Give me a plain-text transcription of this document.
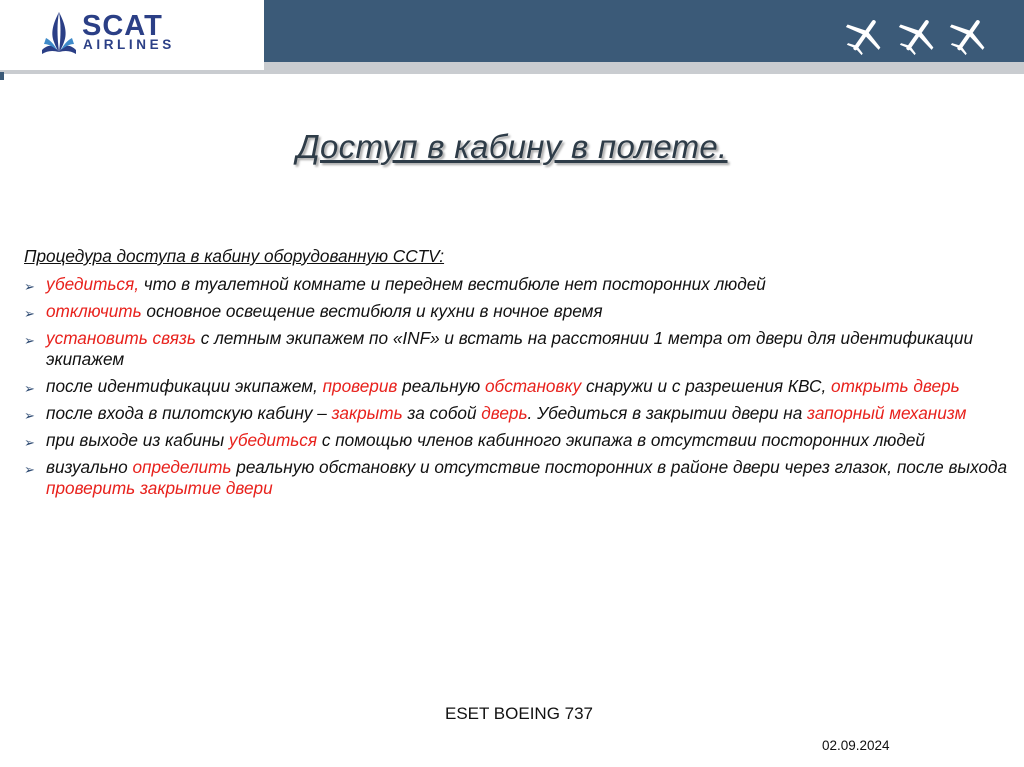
SCAT
AIRLINES
Доступ в кабину в полете.
Процедура доступа в кабину оборудованную CCTV:
➢ убедиться, что в туалетной комнате и переднем вестибюле нет посторонних людей
➢ отключить основное освещение вестибюля и кухни в ночное время
➢ установить связь с летным экипажем по «INF» и встать на расстоянии 1 метра от двери для идентификации экипажем
➢ после идентификации экипажем, проверив реальную обстановку снаружи и с разрешения КВС, открыть дверь
➢ после входа в пилотскую кабину – закрыть за собой дверь. Убедиться в закрытии двери на запорный механизм
➢ при выходе из кабины убедиться с помощью членов кабинного экипажа в отсутствии посторонних людей
➢ визуально определить реальную обстановку и отсутствие посторонних в районе двери через глазок, после выхода проверить закрытие двери
ESET BOEING 737
02.09.2024
